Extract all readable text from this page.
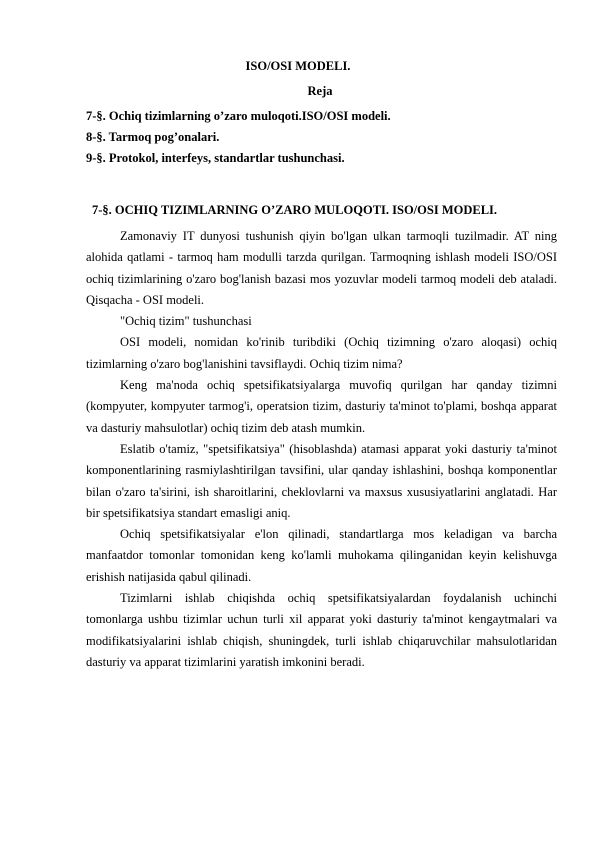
ISO/OSI MODELI.
Reja
7-§. Ochiq tizimlarning o’zaro muloqoti.ISO/OSI modeli.
8-§. Tarmoq pog’onalari.
9-§. Protokol, interfeys, standartlar tushunchasi.
7-§. OCHIQ TIZIMLARNING O’ZARO MULOQOTI. ISO/OSI MODELI.

Zamonaviy IT dunyosi tushunish qiyin bo'lgan ulkan tarmoqli tuzilmadir. AT ning alohida qatlami - tarmoq ham modulli tarzda qurilgan. Tarmoqning ishlash modeli ISO/OSI ochiq tizimlarining o'zaro bog'lanish bazasi mos yozuvlar modeli tarmoq modeli deb ataladi. Qisqacha - OSI modeli.

"Ochiq tizim" tushunchasi

OSI modeli, nomidan ko'rinib turibdiki (Ochiq tizimning o'zaro aloqasi) ochiq tizimlarning o'zaro bog'lanishini tavsiflaydi. Ochiq tizim nima?

Keng ma'noda ochiq spetsifikatsiyalarga muvofiq qurilgan har qanday tizimni (kompyuter, kompyuter tarmog'i, operatsion tizim, dasturiy ta'minot to'plami, boshqa apparat va dasturiy mahsulotlar) ochiq tizim deb atash mumkin.

Eslatib o'tamiz, "spetsifikatsiya" (hisoblashda) atamasi apparat yoki dasturiy ta'minot komponentlarining rasmiylashtirilgan tavsifini, ular qanday ishlashini, boshqa komponentlar bilan o'zaro ta'sirini, ish sharoitlarini, cheklovlarni va maxsus xususiyatlarini anglatadi. Har bir spetsifikatsiya standart emasligi aniq.

Ochiq spetsifikatsiyalar e'lon qilinadi, standartlarga mos keladigan va barcha manfaatdor tomonlar tomonidan keng ko'lamli muhokama qilinganidan keyin kelishuvga erishish natijasida qabul qilinadi.

Tizimlarni ishlab chiqishda ochiq spetsifikatsiyalardan foydalanish uchinchi tomonlarga ushbu tizimlar uchun turli xil apparat yoki dasturiy ta'minot kengaytmalari va modifikatsiyalarini ishlab chiqish, shuningdek, turli ishlab chiqaruvchilar mahsulotlaridan dasturiy va apparat tizimlarini yaratish imkonini beradi.
